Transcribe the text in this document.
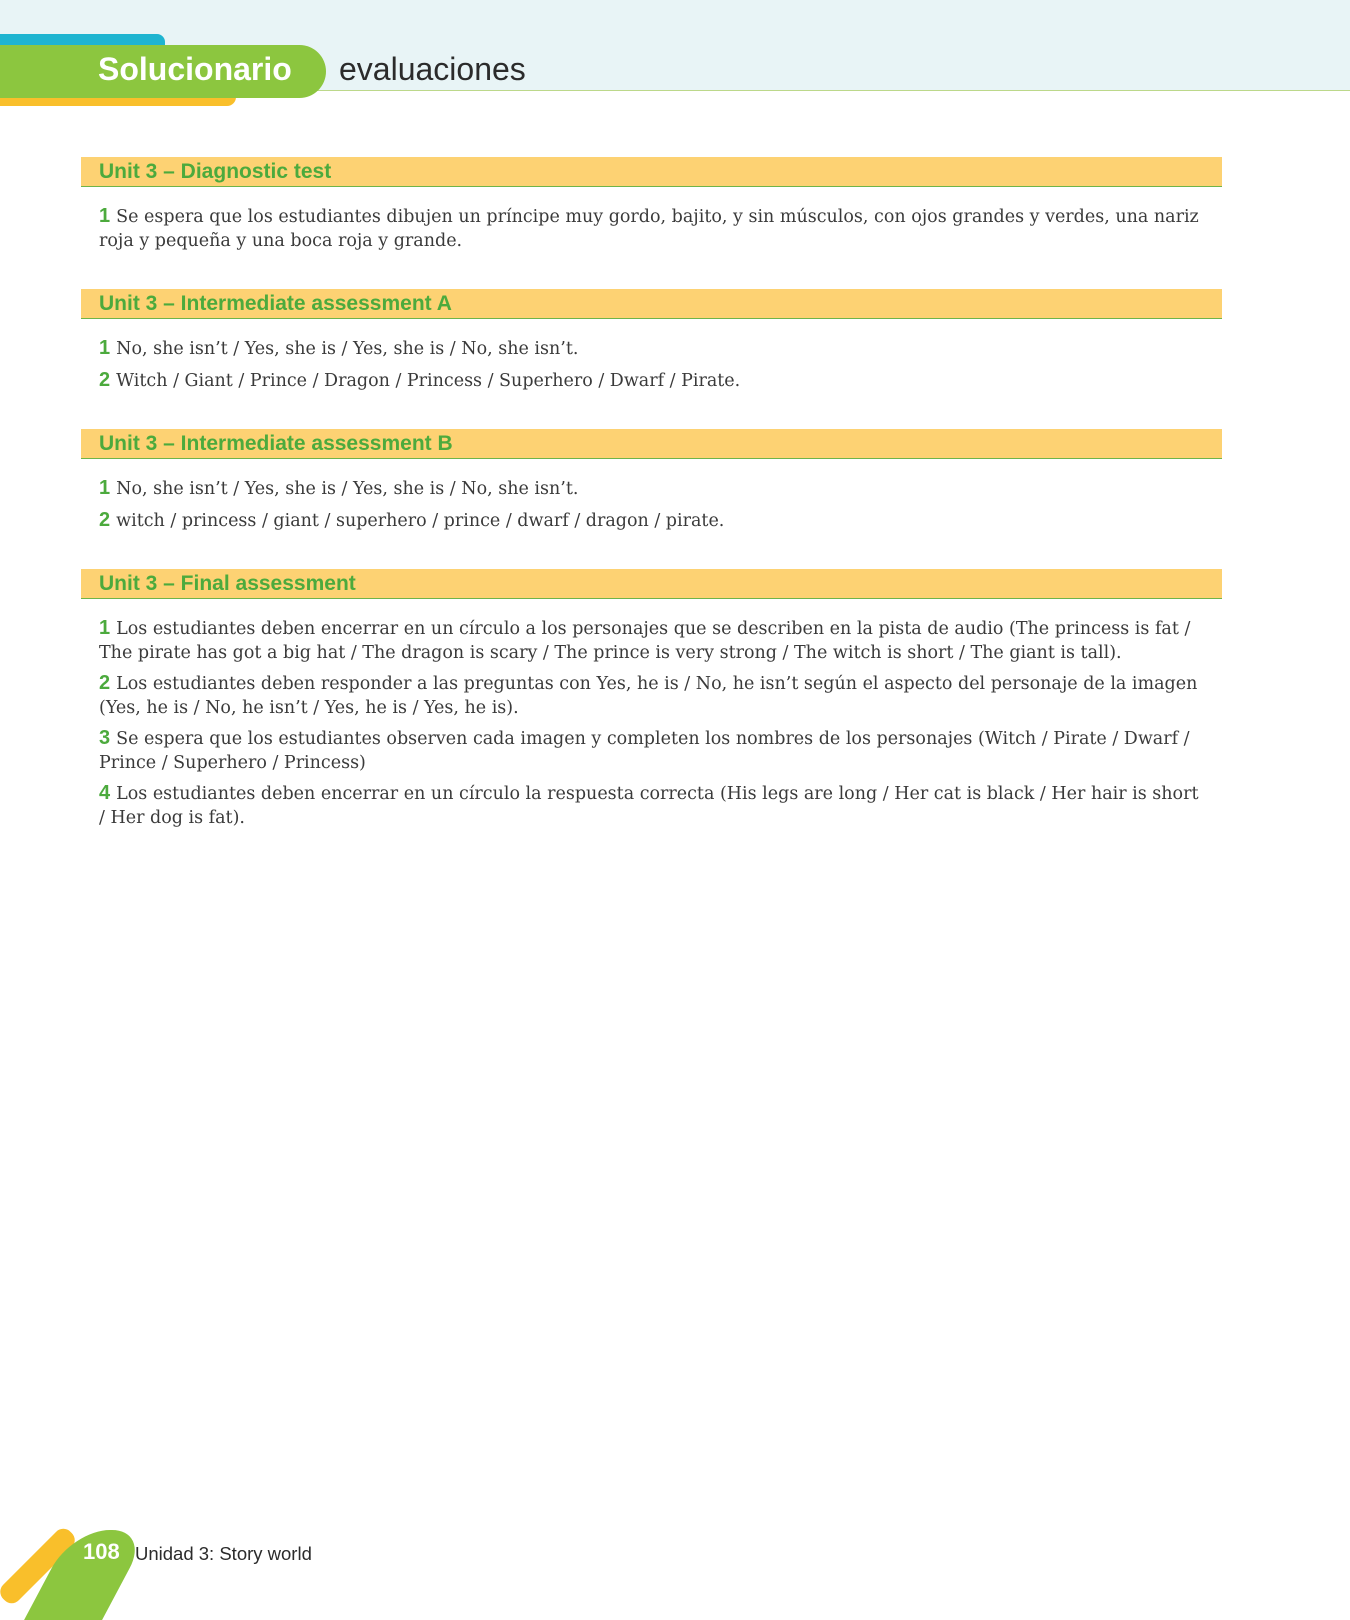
Solucionario evaluaciones
Unit 3 – Diagnostic test
1 Se espera que los estudiantes dibujen un príncipe muy gordo, bajito, y sin músculos, con ojos grandes y verdes, una nariz roja y pequeña y una boca roja y grande.
Unit 3 – Intermediate assessment A
1 No, she isn’t / Yes, she is / Yes, she is / No, she isn’t.
2 Witch / Giant / Prince / Dragon / Princess / Superhero / Dwarf / Pirate.
Unit 3 – Intermediate assessment B
1 No, she isn’t / Yes, she is / Yes, she is / No, she isn’t.
2 witch / princess / giant / superhero / prince / dwarf / dragon / pirate.
Unit 3 – Final assessment
1 Los estudiantes deben encerrar en un círculo a los personajes que se describen en la pista de audio (The princess is fat / The pirate has got a big hat / The dragon is scary / The prince is very strong / The witch is short / The giant is tall).
2 Los estudiantes deben responder a las preguntas con Yes, he is / No, he isn’t según el aspecto del personaje de la imagen (Yes, he is / No, he isn’t / Yes, he is / Yes, he is).
3 Se espera que los estudiantes observen cada imagen y completen los nombres de los personajes (Witch / Pirate / Dwarf / Prince / Superhero / Princess)
4 Los estudiantes deben encerrar en un círculo la respuesta correcta (His legs are long / Her cat is black / Her hair is short / Her dog is fat).
108 Unidad 3: Story world
